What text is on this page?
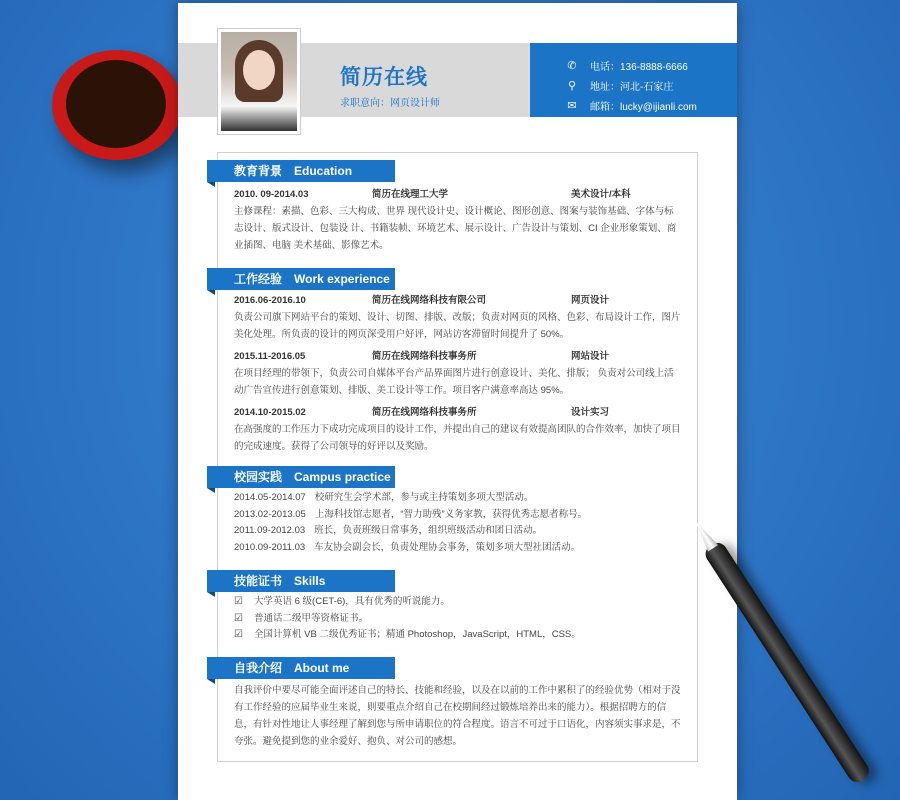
简历在线
求职意向：网页设计师
✆ 电话：136-8888-6666
⚲ 地址：河北-石家庄
✉ 邮箱：lucky@ijianli.com
教育背景 Education
2010. 09-2014.03	简历在线理工大学	美术设计/本科
主修课程：素描、色彩、三大构成、世界 现代设计史、设计概论、图形创意、图案与装饰基础、字体与标志设计、版式设计、包装设 计、书籍装帧、环境艺术、展示设计、广告设计与策划、CI 企业形象策划、商业插图、电脑 美术基础、影像艺术。
工作经验 Work experience
2016.06-2016.10	简历在线网络科技有限公司	网页设计
负责公司旗下网站平台的策划、设计、切图、排版、改版；负责对网页的风格、色彩、布局设计工作，图片美化处理。所负责的设计的网页深受用户好评，网站访客滞留时间提升了 50%。
2015.11-2016.05	简历在线网络科技事务所	网站设计
在项目经理的带领下，负责公司自媒体平台产品界面图片进行创意设计、美化、排版； 负责对公司线上活动广告宣传进行创意策划、排版、美工设计等工作。项目客户满意率高达 95%。
2014.10-2015.02	简历在线网络科技事务所	设计实习
在高强度的工作压力下成功完成项目的设计工作，并提出自己的建议有效提高团队的合作效率，加快了项目的完成速度。获得了公司领导的好评以及奖励。
校园实践 Campus practice
2014.05-2014.07 校研究生会学术部，参与或主持策划多项大型活动。
2013.02-2013.05 上海科技馆志愿者，“智力助残”义务家教，获得优秀志愿者称号。
2011.09-2012.03 班长，负责班级日常事务，组织班级活动和团日活动。
2010.09-2011.03 车友协会副会长，负责处理协会事务，策划多项大型社团活动。
技能证书 Skills
☑ 大学英语 6 级(CET-6)，具有优秀的听说能力。
☑ 普通话二级甲等资格证书。
☑ 全国计算机 VB 二级优秀证书；精通 Photoshop，JavaScript，HTML，CSS。
自我介绍 About me
自我评价中要尽可能全面评述自己的特长、技能和经验，以及在以前的工作中累积了的经验优势（相对于没有工作经验的应届毕业生来说，则要重点介绍自己在校期间经过锻炼培养出来的能力）。根据招聘方的信息，有针对性地让人事经理了解到您与所申请职位的符合程度。语言不可过于口语化，内容须实事求是，不夸张。避免提到您的业余爱好、抱负、对公司的感想。
